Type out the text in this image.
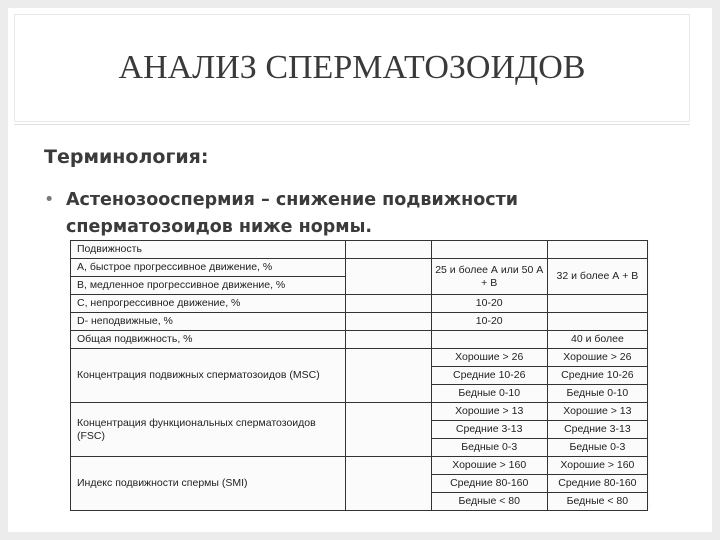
АНАЛИЗ СПЕРМАТОЗОИДОВ
Терминология:
• Астенозооспермия – снижение подвижности сперматозоидов ниже нормы.
Подвижность			
А, быстрое прогрессивное движение, %		25 и более А или 50 А + В	32 и более А + В
В, медленное прогрессивное движение, %			
С, непрогрессивное движение, %		10-20	
D- неподвижные, %		10-20	
Общая подвижность, %			40 и более
Концентрация подвижных сперматозоидов (MSC)		Хорошие > 26	Хорошие > 26
		Средние 10-26	Средние 10-26
		Бедные 0-10	Бедные 0-10
Концентрация функциональных сперматозоидов (FSC)		Хорошие > 13	Хорошие > 13
		Средние 3-13	Средние 3-13
		Бедные 0-3	Бедные 0-3
Индекс подвижности спермы (SMI)		Хорошие > 160	Хорошие > 160
		Средние 80-160	Средние 80-160
		Бедные < 80	Бедные < 80
